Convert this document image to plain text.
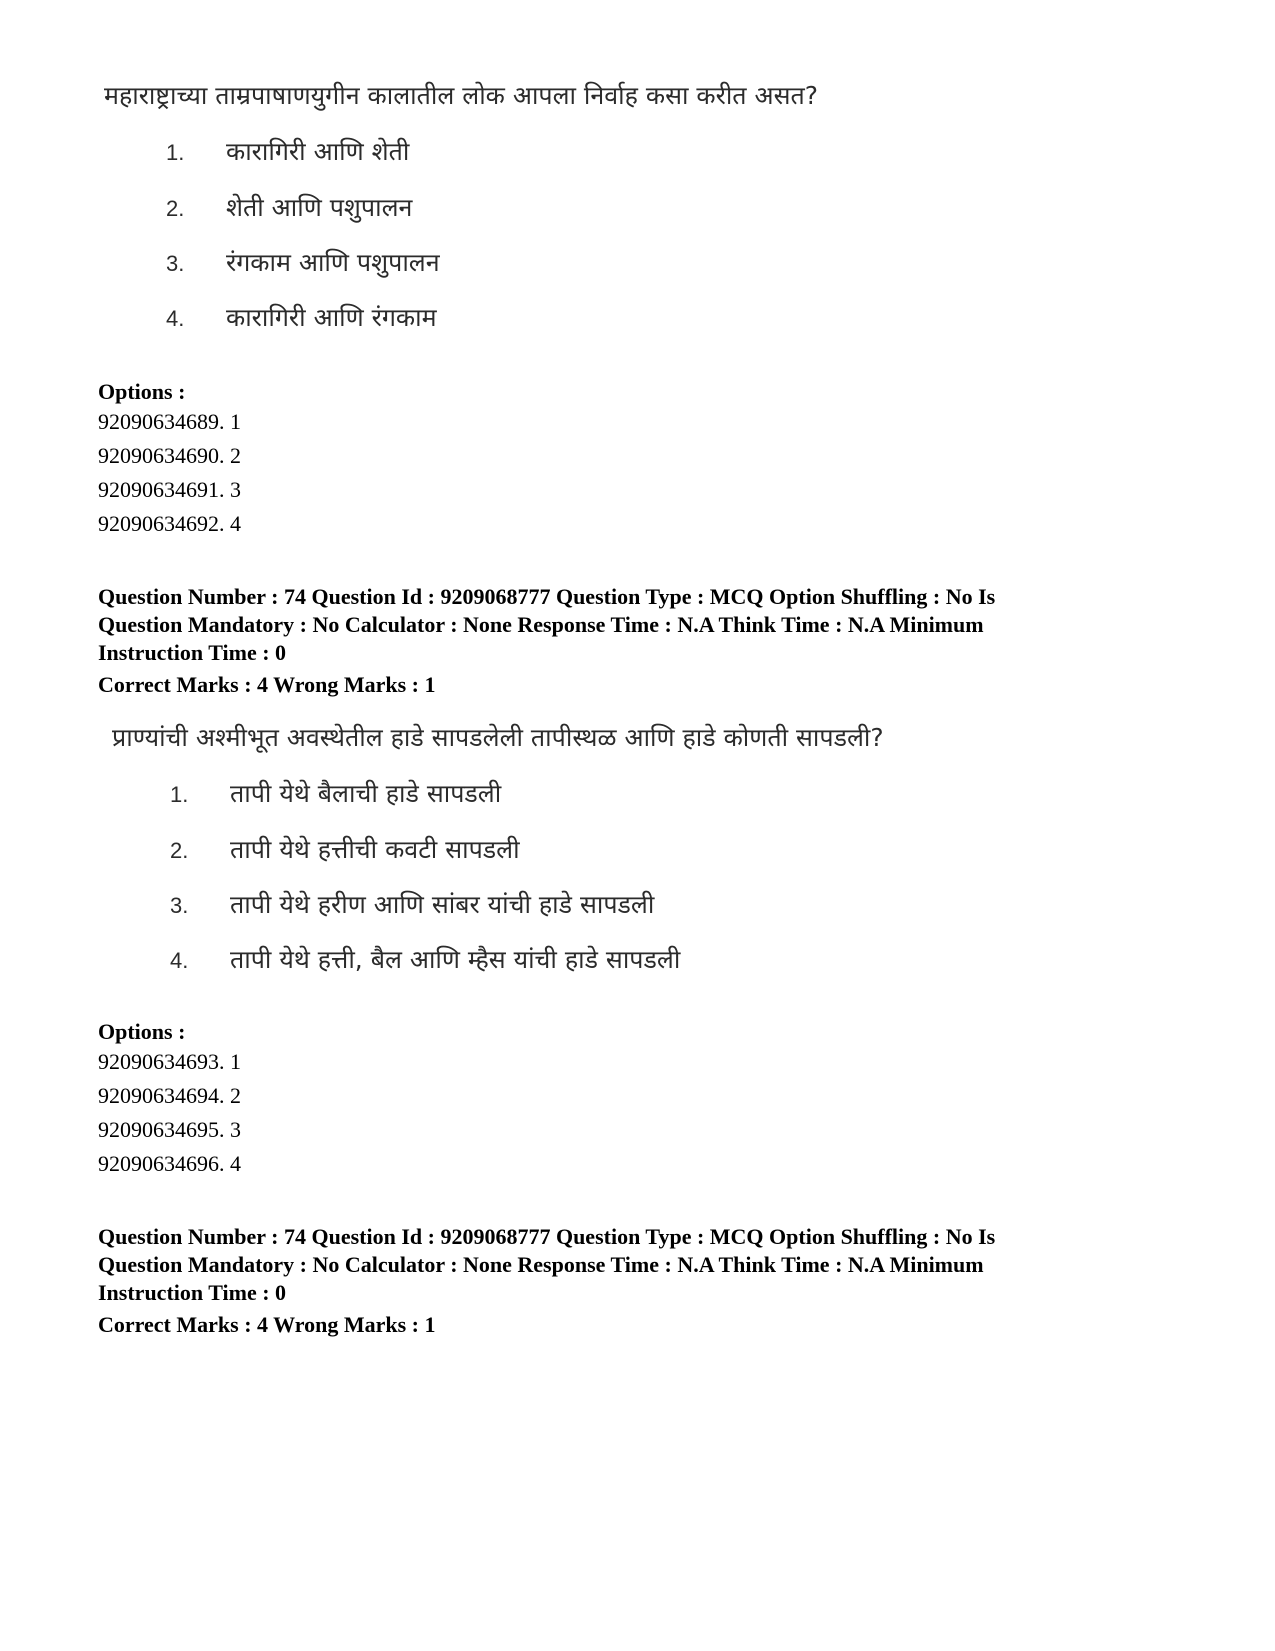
महाराष्ट्राच्या ताम्रपाषाणयुगीन कालातील लोक आपला निर्वाह कसा करीत असत?
1. कारागिरी आणि शेती
2. शेती आणि पशुपालन
3. रंगकाम आणि पशुपालन
4. कारागिरी आणि रंगकाम
Options :
92090634689. 1
92090634690. 2
92090634691. 3
92090634692. 4
Question Number : 74 Question Id : 9209068777 Question Type : MCQ Option Shuffling : No Is
Question Mandatory : No Calculator : None Response Time : N.A Think Time : N.A Minimum
Instruction Time : 0
Correct Marks : 4 Wrong Marks : 1
प्राण्यांची अश्मीभूत अवस्थेतील हाडे सापडलेली तापीस्थळ आणि हाडे कोणती सापडली?
1. तापी येथे बैलाची हाडे सापडली
2. तापी येथे हत्तीची कवटी सापडली
3. तापी येथे हरीण आणि सांबर यांची हाडे सापडली
4. तापी येथे हत्ती, बैल आणि म्हैस यांची हाडे सापडली
Options :
92090634693. 1
92090634694. 2
92090634695. 3
92090634696. 4
Question Number : 74 Question Id : 9209068777 Question Type : MCQ Option Shuffling : No Is
Question Mandatory : No Calculator : None Response Time : N.A Think Time : N.A Minimum
Instruction Time : 0
Correct Marks : 4 Wrong Marks : 1
